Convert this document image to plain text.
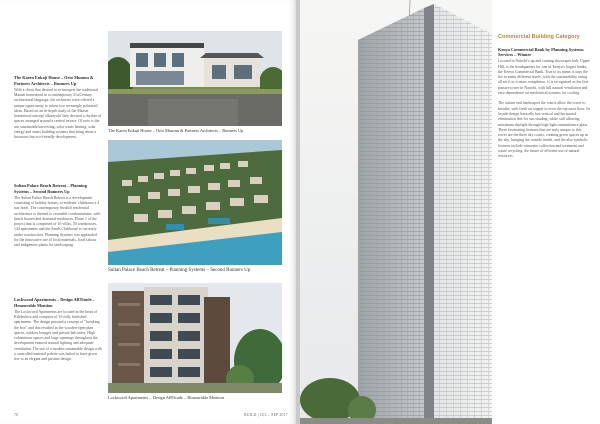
The Karen Enkaji House – Orto Mumnu & Partners Architects – Runners Up

With a client that desired to re-interpret the traditional Maasai homestead in a contemporary 21stCentury architectural language, the architects were offered a unique opportunity to infuse two seemingly polarized ideas. Based on an in-depth study of the Maasai homestead concept 'olkanyahi' they devised a rhythm of spaces arranged around a central terrace. Of note is the use sustainable harvesting, solar water heating, solar energy and smart building systems that bring about a luxurious but eco-friendly development.

Sultan Palace Beach Retreat – Planning Systems – Second Runners Up

The Sultan Palace Beach Retreat is a development consisting of holiday homes, a residents' clubhouse a 4 star hotel. The contemporary Swahili residential architecture is themed to resemble condominiums, with beach houses and diamond residences. Phase 1 of the project that is comprised of 16 villas, 50 townhouses, 144 apartments and the Sands Clubhouse is currently under construction. Planning Systems was applauded for the innovative use of local materials, local labour and indigenous plants for landscaping.

Lockwood Apartments – Design ARTitude – Honourable Mention

The Lockwood Apartments are located in the heart of Kileleshwa and comprise of 16 fully furnished apartments. The design pursued a concept of "breaking the box" and this resulted in the wooden-open plan spaces, outdoor lounges and private balconies. High voluminous spaces and large openings throughout the development ensured natural lighting and adequate ventilation. The use of a modern sustainable design with a controlled material palette was hailed to have given rise to an elegant and pristine design.

The Karen Enkaji House – Orto Mumnu & Partners Architects – Runners Up
Sultan Palace Beach Retreat – Planning Systems – Second Runners Up
Lockwood Apartments – Design ARTitude – Honourable Mention
70	BUILD | JUL – SEP 2017
Commercial Building Category
Kenya Commercial Bank by Planning Systems Services – Winner

Located in Nairobi's up and coming skyscraper hub, Upper Hill, is the headquarters for one of Kenya's largest banks, the Kenya Commercial Bank. True to its name, it tops the list in many different levels, with the sustainability rating all set it as it nears completion. It is recognized as the first passive tower in Nairobi, with full natural ventilation and zero dependence on mechanical systems for cooling.

The atrium and landscaped the courts allow the tower to breathe, with fresh air supply to even the top most floor. Its façade design basically has vertical and horizontal elimination fins for sun shading, while still allowing maximum daylight through high light transmittance glass. Three fascinating features that are truly unique to this tower are the three sky courts, creating green spaces up in the sky, bringing the outside inside, and the also symbolic features include rainwater collection and treatment and waste recycling, the future of efficient use of natural resources.
